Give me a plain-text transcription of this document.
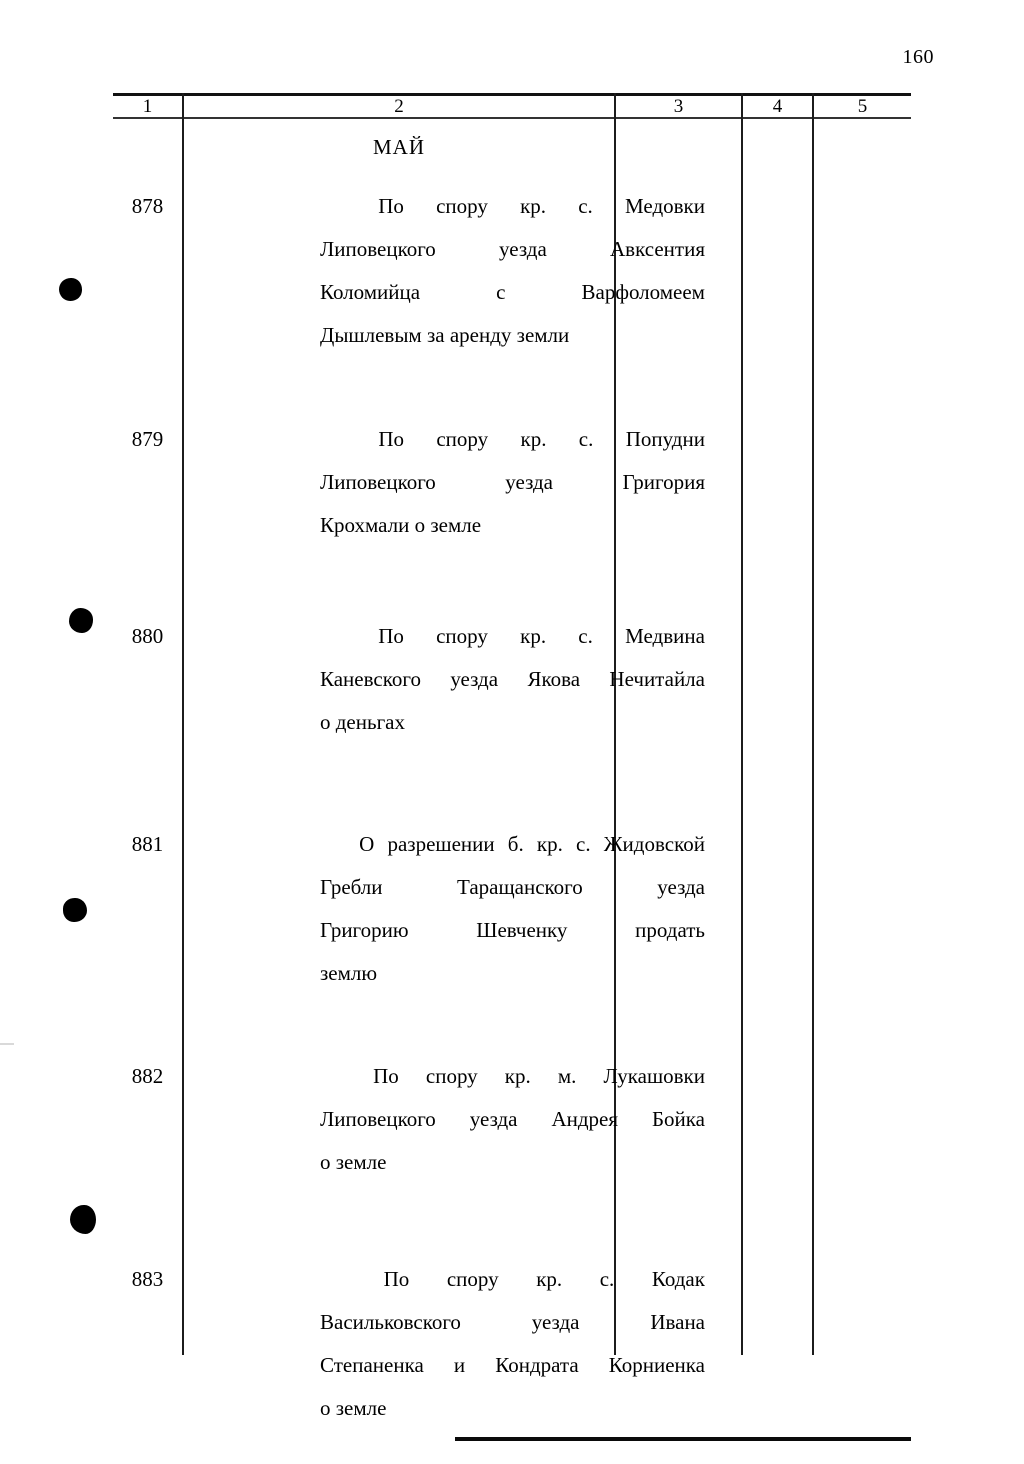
160
1	2	3	4	5
МАЙ
878	По спору кр. с. Медовки
Липовецкого	уезда	Авксентия
Коломийца	с	Варфоломеем
Дышлевым за аренду земли
879	По спору кр. с. Попудни
Липовецкого	уезда	Григория
Крохмали о земле
880	По спору кр. с. Медвина
Каневского уезда Якова Нечитайла
о деньгах
881	О разрешении б. кр. с. Жидовской
Гребли	Таращанского	уезда
Григорию	Шевченку	продать
землю
882	По спору кр. м. Лукашовки
Липовецкого уезда Андрея Бойка
о земле
883	По спору кр. с. Кодак
Васильковского	уезда	Ивана
Степаненка и Кондрата Корниенка
о земле
